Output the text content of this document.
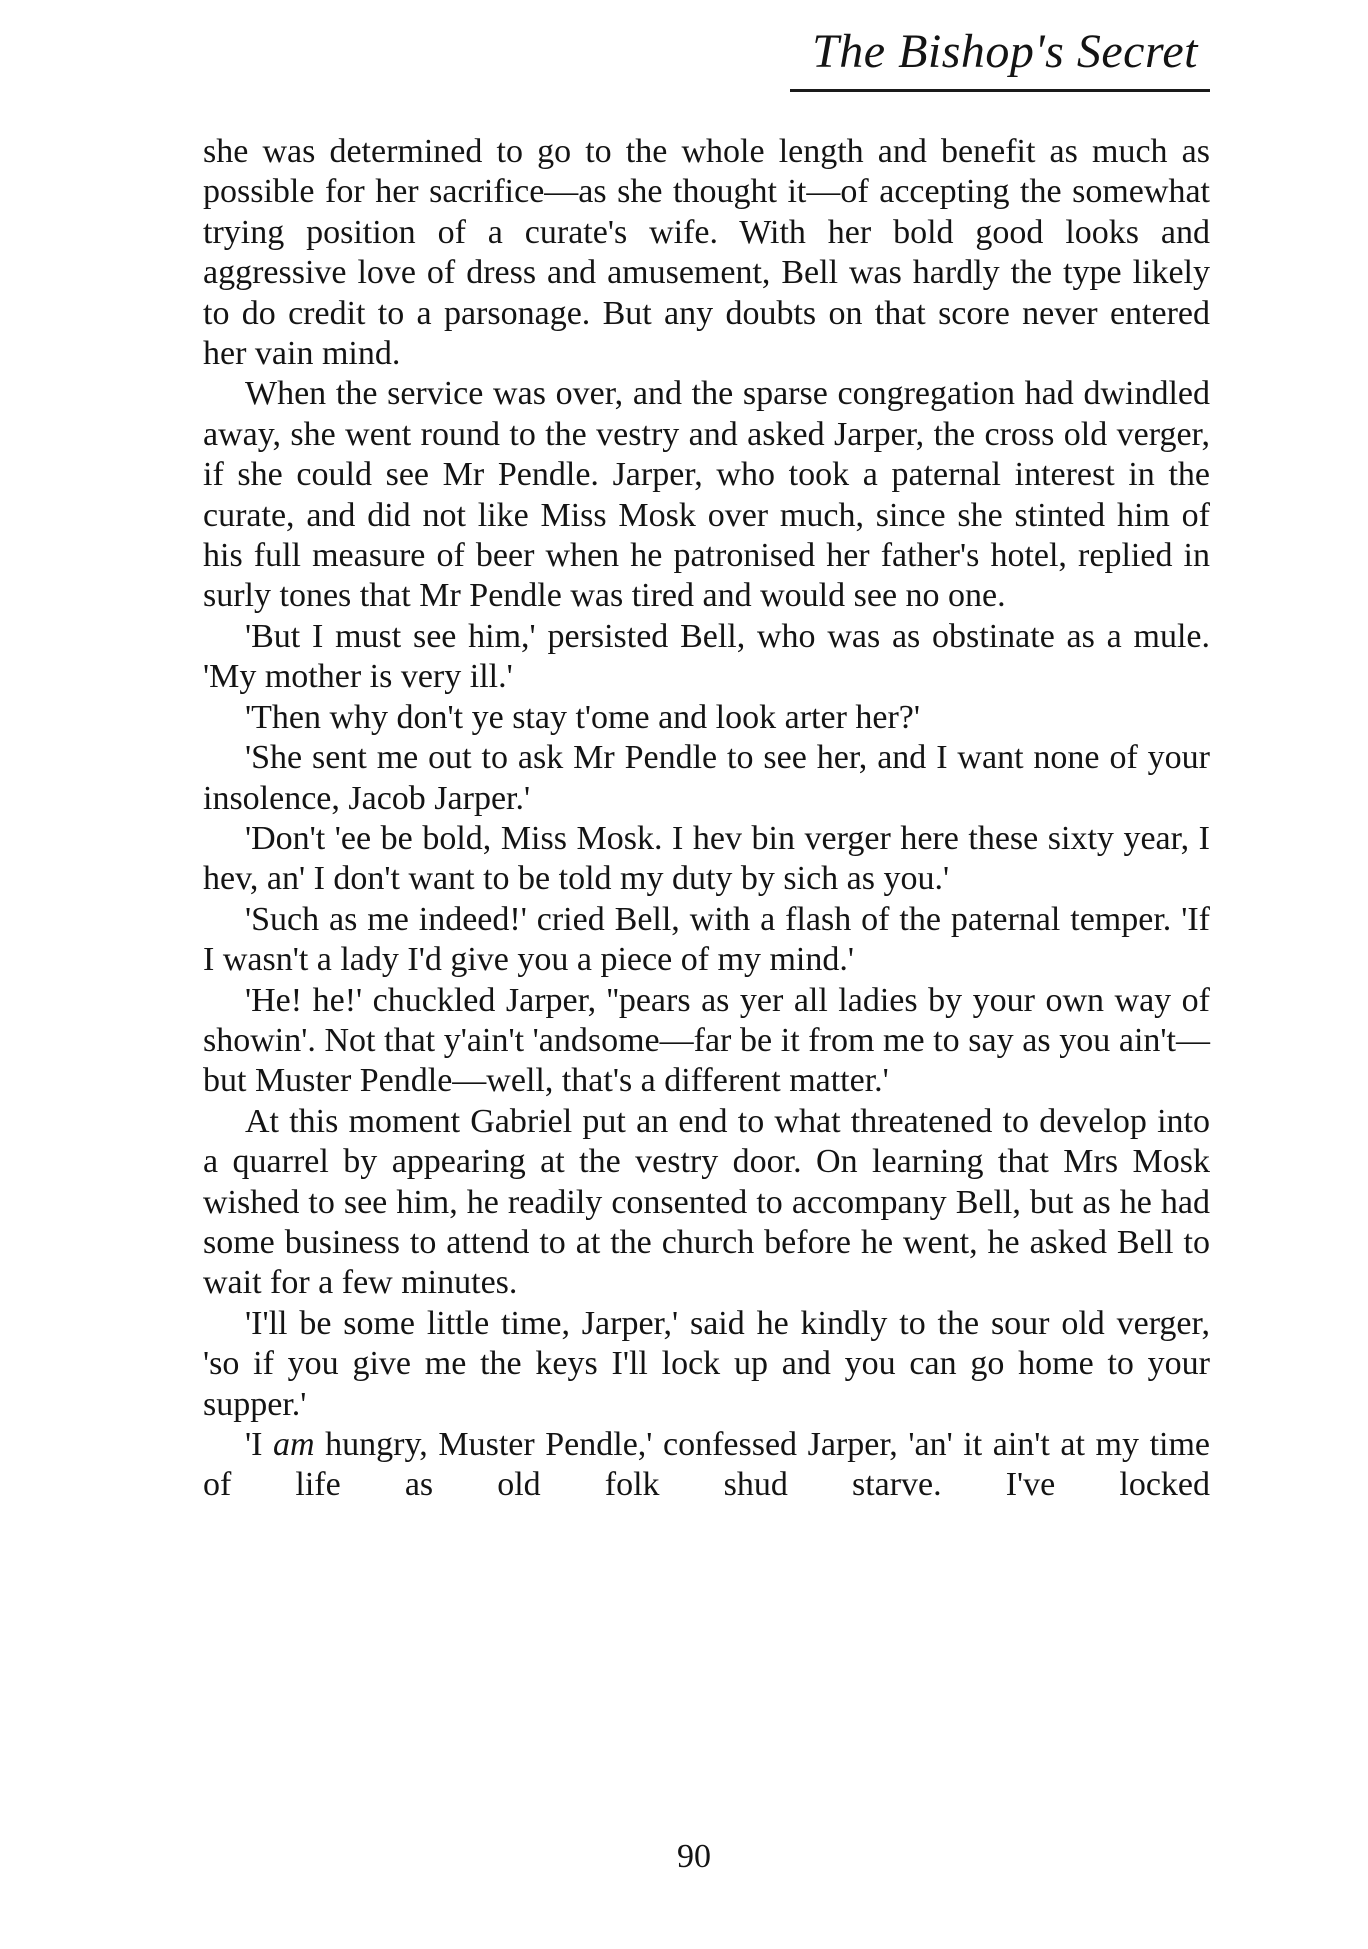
The Bishop's Secret

she was determined to go to the whole length and benefit as much as possible for her sacrifice—as she thought it—of accepting the somewhat trying position of a curate's wife. With her bold good looks and aggressive love of dress and amusement, Bell was hardly the type likely to do credit to a parsonage. But any doubts on that score never entered her vain mind.

When the service was over, and the sparse congregation had dwindled away, she went round to the vestry and asked Jarper, the cross old verger, if she could see Mr Pendle. Jarper, who took a paternal interest in the curate, and did not like Miss Mosk over much, since she stinted him of his full measure of beer when he patronised her father's hotel, replied in surly tones that Mr Pendle was tired and would see no one.

'But I must see him,' persisted Bell, who was as obstinate as a mule. 'My mother is very ill.'

'Then why don't ye stay t'ome and look arter her?'

'She sent me out to ask Mr Pendle to see her, and I want none of your insolence, Jacob Jarper.'

'Don't 'ee be bold, Miss Mosk. I hev bin verger here these sixty year, I hev, an' I don't want to be told my duty by sich as you.'

'Such as me indeed!' cried Bell, with a flash of the paternal temper. 'If I wasn't a lady I'd give you a piece of my mind.'

'He! he!' chuckled Jarper, ''pears as yer all ladies by your own way of showin'. Not that y'ain't 'andsome—far be it from me to say as you ain't—but Muster Pendle—well, that's a different matter.'

At this moment Gabriel put an end to what threatened to develop into a quarrel by appearing at the vestry door. On learning that Mrs Mosk wished to see him, he readily consented to accompany Bell, but as he had some business to attend to at the church before he went, he asked Bell to wait for a few minutes.

'I'll be some little time, Jarper,' said he kindly to the sour old verger, 'so if you give me the keys I'll lock up and you can go home to your supper.'

'I am hungry, Muster Pendle,' confessed Jarper, 'an' it ain't at my time of life as old folk shud starve. I've locked

90
